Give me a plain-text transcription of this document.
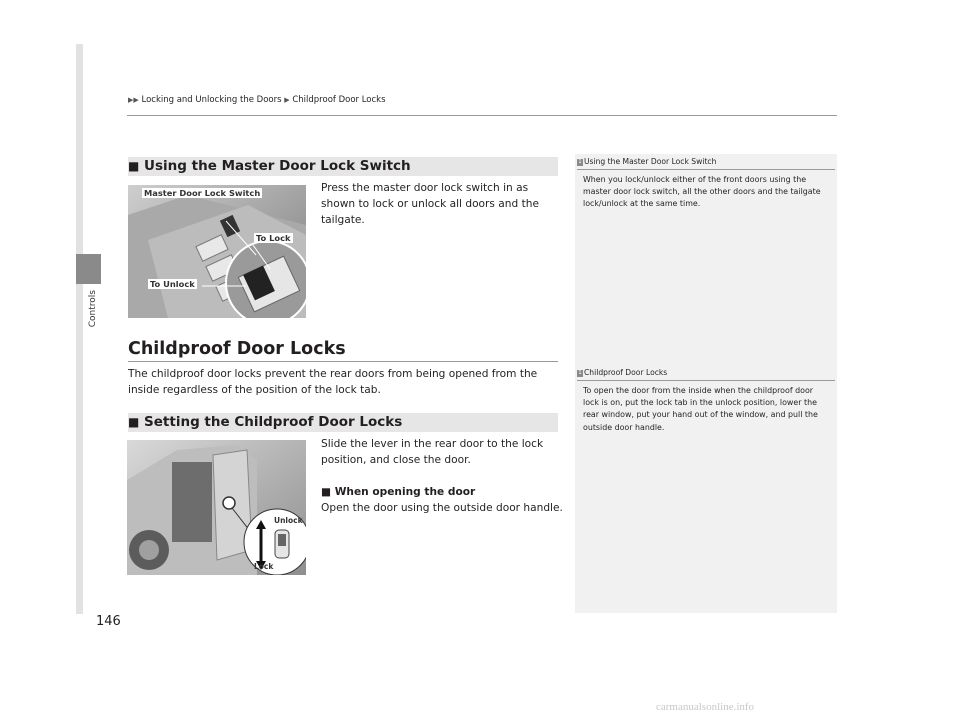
Controls
▶▶ Locking and Unlocking the Doors ▶ Childproof Door Locks
■ Using the Master Door Lock Switch
Master Door Lock Switch
To Lock
To Unlock
Press the master door lock switch in as shown to lock or unlock all doors and the tailgate.
1 Using the Master Door Lock Switch
When you lock/unlock either of the front doors using the master door lock switch, all the other doors and the tailgate lock/unlock at the same time.
Childproof Door Locks
The childproof door locks prevent the rear doors from being opened from the inside regardless of the position of the lock tab.
1 Childproof Door Locks
To open the door from the inside when the childproof door lock is on, put the lock tab in the unlock position, lower the rear window, put your hand out of the window, and pull the outside door handle.
■ Setting the Childproof Door Locks
Unlock
Lock
Slide the lever in the rear door to the lock position, and close the door.
■ When opening the door
Open the door using the outside door handle.
146
carmanualsonline.info
